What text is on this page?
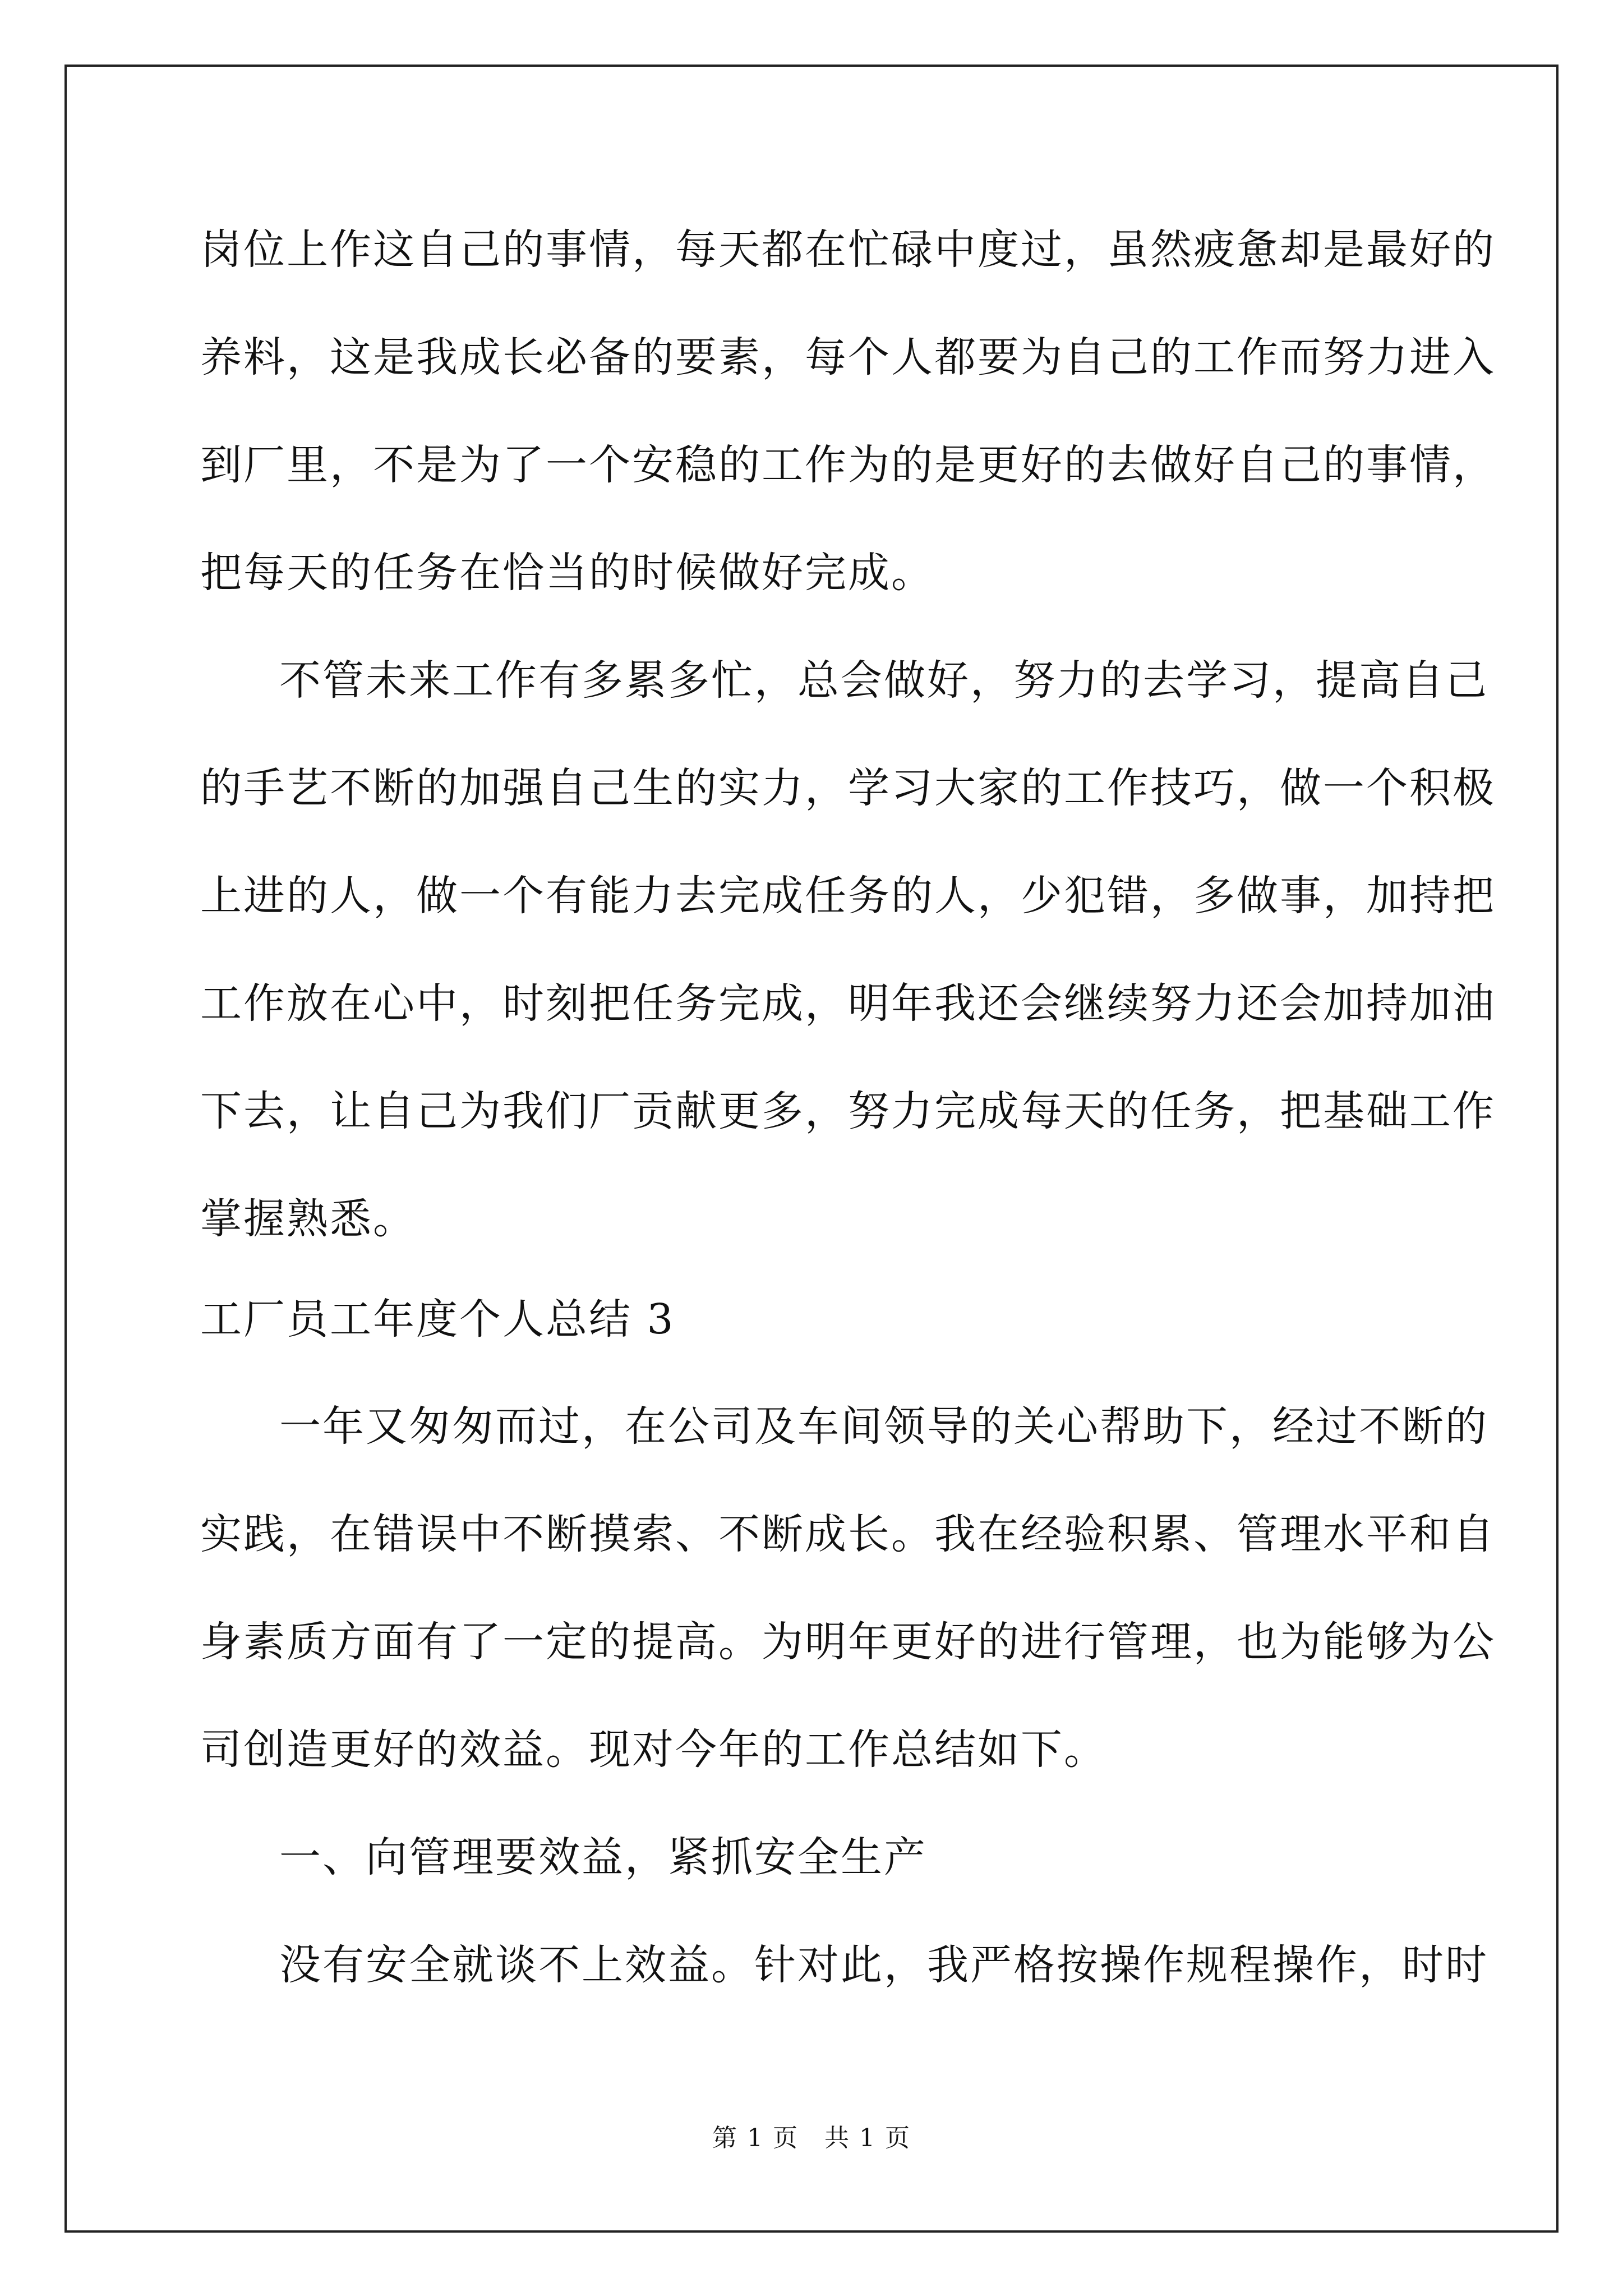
岗位上作这自己的事情，每天都在忙碌中度过，虽然疲惫却是最好的
养料，这是我成长必备的要素，每个人都要为自己的工作而努力进入
到厂里，不是为了一个安稳的工作为的是更好的去做好自己的事情，
把每天的任务在恰当的时候做好完成。
不管未来工作有多累多忙，总会做好，努力的去学习，提高自己
的手艺不断的加强自己生的实力，学习大家的工作技巧，做一个积极
上进的人，做一个有能力去完成任务的人，少犯错，多做事，加持把
工作放在心中，时刻把任务完成，明年我还会继续努力还会加持加油
下去，让自己为我们厂贡献更多，努力完成每天的任务，把基础工作
掌握熟悉。
工厂员工年度个人总结 3
一年又匆匆而过，在公司及车间领导的关心帮助下，经过不断的
实践，在错误中不断摸索、不断成长。我在经验积累、管理水平和自
身素质方面有了一定的提高。为明年更好的进行管理，也为能够为公
司创造更好的效益。现对今年的工作总结如下。
一、向管理要效益，紧抓安全生产
没有安全就谈不上效益。针对此，我严格按操作规程操作，时时
第 1 页　共 1 页
